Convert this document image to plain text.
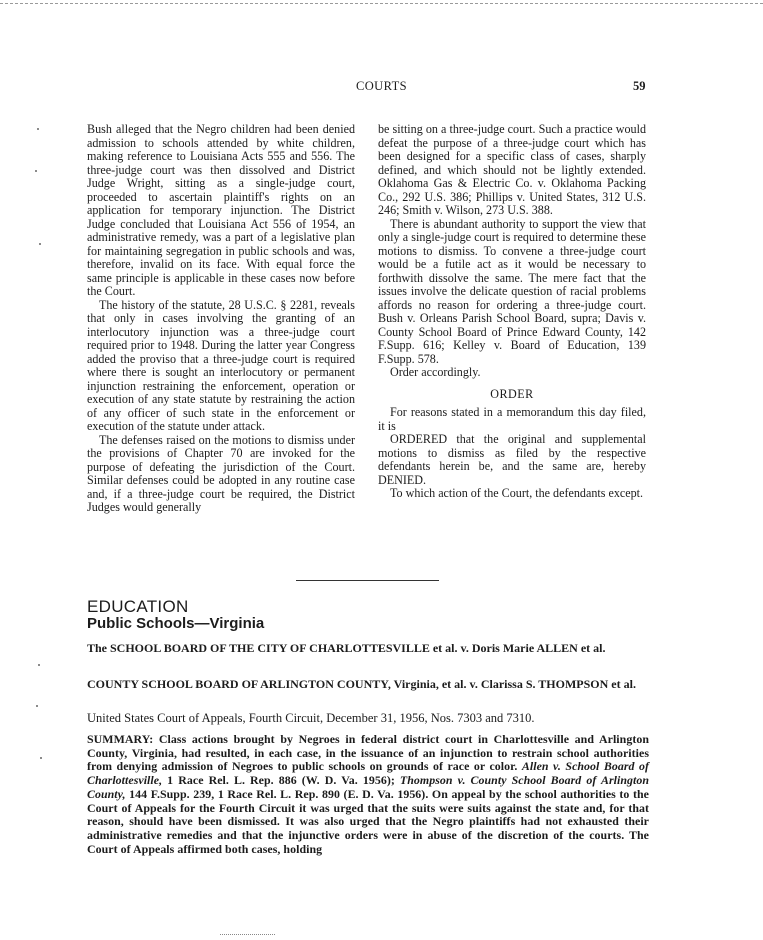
COURTS	59

Bush alleged that the Negro children had been denied admission to schools attended by white children, making reference to Louisiana Acts 555 and 556. The three-judge court was then dissolved and District Judge Wright, sitting as a single-judge court, proceeded to ascertain plaintiff's rights on an application for temporary injunction. The District Judge concluded that Louisiana Act 556 of 1954, an administrative remedy, was a part of a legislative plan for maintaining segregation in public schools and was, therefore, invalid on its face. With equal force the same principle is applicable in these cases now before the Court.

The history of the statute, 28 U.S.C. § 2281, reveals that only in cases involving the granting of an interlocutory injunction was a three-judge court required prior to 1948. During the latter year Congress added the proviso that a three-judge court is required where there is sought an interlocutory or permanent injunction restraining the enforcement, operation or execution of any state statute by restraining the action of any officer of such state in the enforcement or execution of the statute under attack.

The defenses raised on the motions to dismiss under the provisions of Chapter 70 are invoked for the purpose of defeating the jurisdiction of the Court. Similar defenses could be adopted in any routine case and, if a three-judge court be required, the District Judges would generally

be sitting on a three-judge court. Such a practice would defeat the purpose of a three-judge court which has been designed for a specific class of cases, sharply defined, and which should not be lightly extended. Oklahoma Gas & Electric Co. v. Oklahoma Packing Co., 292 U.S. 386; Phillips v. United States, 312 U.S. 246; Smith v. Wilson, 273 U.S. 388.

There is abundant authority to support the view that only a single-judge court is required to determine these motions to dismiss. To convene a three-judge court would be a futile act as it would be necessary to forthwith dissolve the same. The mere fact that the issues involve the delicate question of racial problems affords no reason for ordering a three-judge court. Bush v. Orleans Parish School Board, supra; Davis v. County School Board of Prince Edward County, 142 F.Supp. 616; Kelley v. Board of Education, 139 F.Supp. 578.

Order accordingly.

ORDER

For reasons stated in a memorandum this day filed, it is

ORDERED that the original and supplemental motions to dismiss as filed by the respective defendants herein be, and the same are, hereby DENIED.

To which action of the Court, the defendants except.

EDUCATION
Public Schools—Virginia
The SCHOOL BOARD OF THE CITY OF CHARLOTTESVILLE et al. v. Doris Marie ALLEN et al.
COUNTY SCHOOL BOARD OF ARLINGTON COUNTY, Virginia, et al. v. Clarissa S. THOMPSON et al.
United States Court of Appeals, Fourth Circuit, December 31, 1956, Nos. 7303 and 7310.
SUMMARY: Class actions brought by Negroes in federal district court in Charlottesville and Arlington County, Virginia, had resulted, in each case, in the issuance of an injunction to restrain school authorities from denying admission of Negroes to public schools on grounds of race or color. Allen v. School Board of Charlottesville, 1 Race Rel. L. Rep. 886 (W. D. Va. 1956); Thompson v. County School Board of Arlington County, 144 F.Supp. 239, 1 Race Rel. L. Rep. 890 (E. D. Va. 1956). On appeal by the school authorities to the Court of Appeals for the Fourth Circuit it was urged that the suits were suits against the state and, for that reason, should have been dismissed. It was also urged that the Negro plaintiffs had not exhausted their administrative remedies and that the injunctive orders were in abuse of the discretion of the courts. The Court of Appeals affirmed both cases, holding
